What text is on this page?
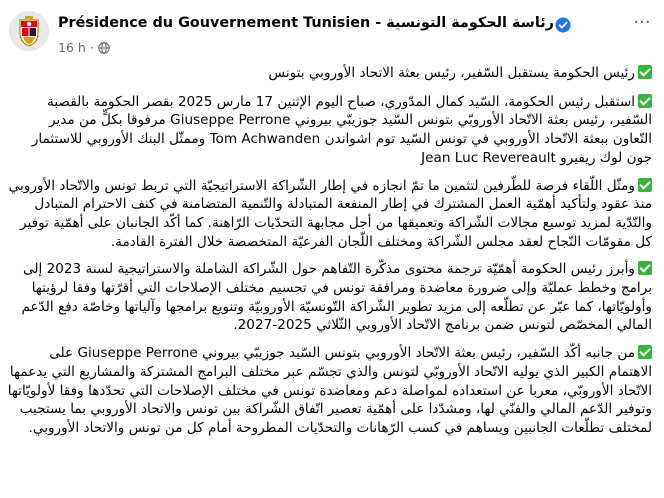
Présidence du Gouvernement Tunisien - رئاسة الحكومة التونسية
16 h ·
···

رئيس الحكومة يستقبل السّفير، رئيس بعثة الاتحاد الأوروبي بتونس

استقبل رئيس الحكومة، السّيد كمال المدّوري، صباح اليوم الإثنين 17 مارس 2025 بقصر الحكومة بالقصبة السّفير، رئيس بعثة الاتّحاد الأوروبّي بتونس السّيد جوزيبّي بيروني Giuseppe Perrone مرفوقا بكلٍّ من مدير التّعاون ببعثة الاتّحاد الأوروبي في تونس السّيد توم اشواندن Tom Achwanden وممثّل البنك الأوروبي للاستثمار جون لوك ريفيرو Jean Luc Revereault

ومثّل اللّقاء فرصة للطّرفين لتثمين ما تمّ انجازه في إطار الشّراكة الاستراتيجيّة التي تربط تونس والاتّحاد الأوروبي منذ عقود ولتأكيد أهمّية العمل المشترك في إطار المنفعة المتبادلة والتّنمية المتضامنة في كنف الاحترام المتبادل والنّدّية لمزيد توسيع مجالات الشّراكة وتعميقها من أجل مجابهة التحدّيات الرّاهنة. كما أكّد الجانبان على أهمّية توفير كل مقومّات النّجاح لعقد مجلس الشّراكة ومختلف اللّجان الفرعيّة المتخصصة خلال الفترة القادمة.

وأبرز رئيس الحكومة أهمّيّة ترجمة محتوى مذكّرة التّفاهم حول الشّراكة الشاملة والاستراتيجية لسنة 2023 إلى برامج وخطط عمليّة وإلى ضرورة معاضدة ومرافقة تونس في تجسيم مختلف الإصلاحات التي أقرّتها وفقا لرؤيتها وأولويّاتها، كما عبّر عن تطلّعه إلى مزيد تطوير الشّراكة التّونسيّة الأوروبيّة وتنويع برامجها وآلياتها وخاصّة دفع الدّعم المالي المخصّص لتونس ضمن برنامج الاتّحاد الأوروبي الثّلاثي 2025-2027.

من جانبه أكّد السّفير، رئيس بعثة الاتّحاد الأوروبي بتونس السّيد جوزيبّي بيروني Giuseppe Perrone على الاهتمام الكبير الذي يوليه الاتّحاد الأوروبّي لتونس والذي تجسّم عبر مختلف البرامج المشتركة والمشاريع التي يدعمها الاتّحاد الأوروبّي، معربا عن استعداده لمواصلة دعم ومعاضدة تونس في مختلف الإصلاحات التي تحدّدها وفقا لأولويّاتها وتوفير الدّعم المالي والفنّي لها، ومشدّدا على أهمّية تعصير اتّفاق الشّراكة بين تونس والاتحاد الأوروبي بما يستجيب لمختلف تطلّعات الجانبين ويساهم في كسب الرّهانات والتحدّيات المطروحة أمام كل من تونس والاتحاد الأوروبي.
